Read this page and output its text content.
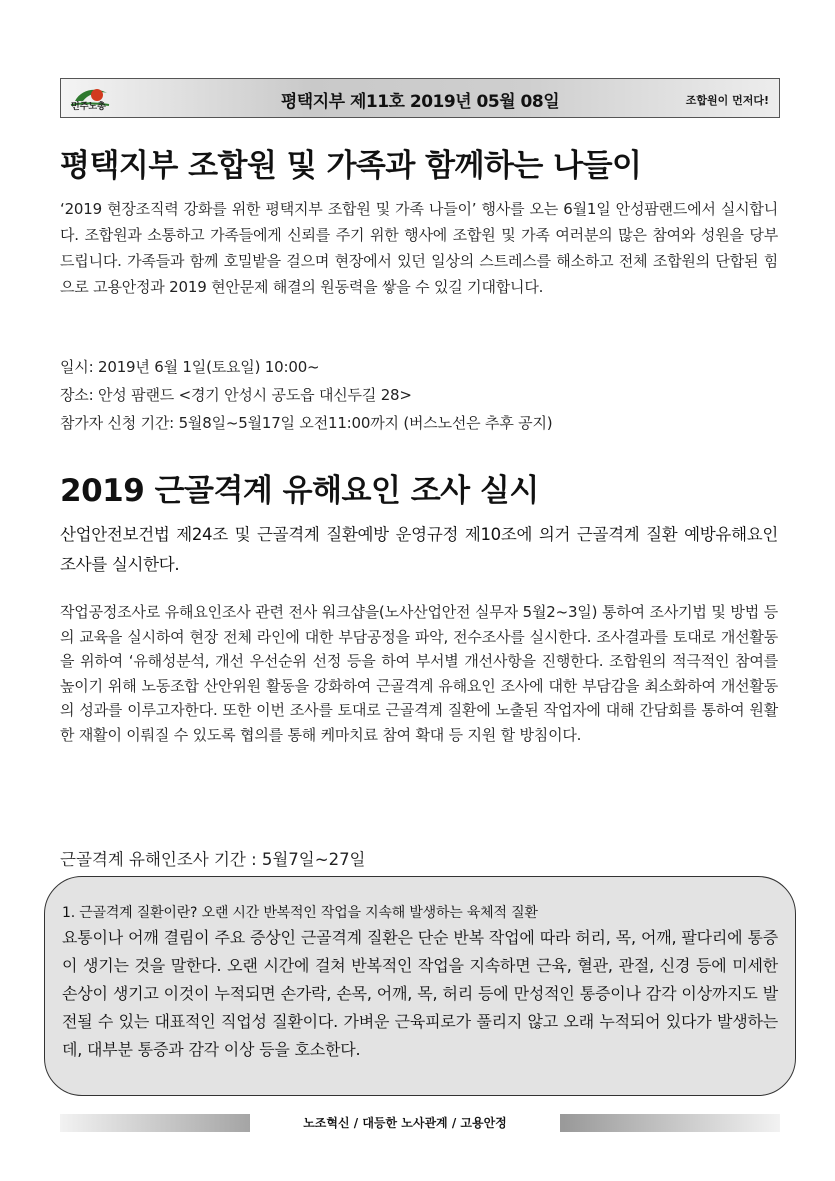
민주노총	평택지부 제11호 2019년 05월 08일	조합원이 먼저다!
평택지부 조합원 및 가족과 함께하는 나들이

‘2019 현장조직력 강화를 위한 평택지부 조합원 및 가족 나들이’ 행사를 오는 6월1일 안성팜랜드에서 실시합니다. 조합원과 소통하고 가족들에게 신뢰를 주기 위한 행사에 조합원 및 가족 여러분의 많은 참여와 성원을 당부 드립니다. 가족들과 함께 호밀밭을 걸으며 현장에서 있던 일상의 스트레스를 해소하고 전체 조합원의 단합된 힘으로 고용안정과 2019 현안문제 해결의 원동력을 쌓을 수 있길 기대합니다.

일시: 2019년 6월 1일(토요일) 10:00~

장소: 안성 팜랜드 <경기 안성시 공도읍 대신두길 28>

참가자 신청 기간: 5월8일~5월17일 오전11:00까지 (버스노선은 추후 공지)

2019 근골격계 유해요인 조사 실시

산업안전보건법 제24조 및 근골격계 질환예방 운영규정 제10조에 의거 근골격계 질환 예방유해요인 조사를 실시한다.

작업공정조사로 유해요인조사 관련 전사 워크샵을(노사산업안전 실무자 5월2~3일) 통하여 조사기법 및 방법 등의 교육을 실시하여 현장 전체 라인에 대한 부담공정을 파악, 전수조사를 실시한다. 조사결과를 토대로 개선활동을 위하여 ‘유해성분석, 개선 우선순위 선정 등을 하여 부서별 개선사항을 진행한다. 조합원의 적극적인 참여를 높이기 위해 노동조합 산안위원 활동을 강화하여 근골격계 유해요인 조사에 대한 부담감을 최소화하여 개선활동의 성과를 이루고자한다. 또한 이번 조사를 토대로 근골격계 질환에 노출된 작업자에 대해 간담회를 통하여 원활 한 재활이 이뤄질 수 있도록 협의를 통해 케마치료 참여 확대 등 지원 할 방침이다.

근골격계 유해인조사 기간 : 5월7일~27일

1. 근골격계 질환이란? 오랜 시간 반복적인 작업을 지속해 발생하는 육체적 질환

요통이나 어깨 결림이 주요 증상인 근골격계 질환은 단순 반복 작업에 따라 허리, 목, 어깨, 팔다리에 통증이 생기는 것을 말한다. 오랜 시간에 걸쳐 반복적인 작업을 지속하면 근육, 혈관, 관절, 신경 등에 미세한 손상이 생기고 이것이 누적되면 손가락, 손목, 어깨, 목, 허리 등에 만성적인 통증이나 감각 이상까지도 발전될 수 있는 대표적인 직업성 질환이다. 가벼운 근육피로가 풀리지 않고 오래 누적되어 있다가 발생하는데, 대부분 통증과 감각 이상 등을 호소한다.

노조혁신 / 대등한 노사관계 / 고용안정
